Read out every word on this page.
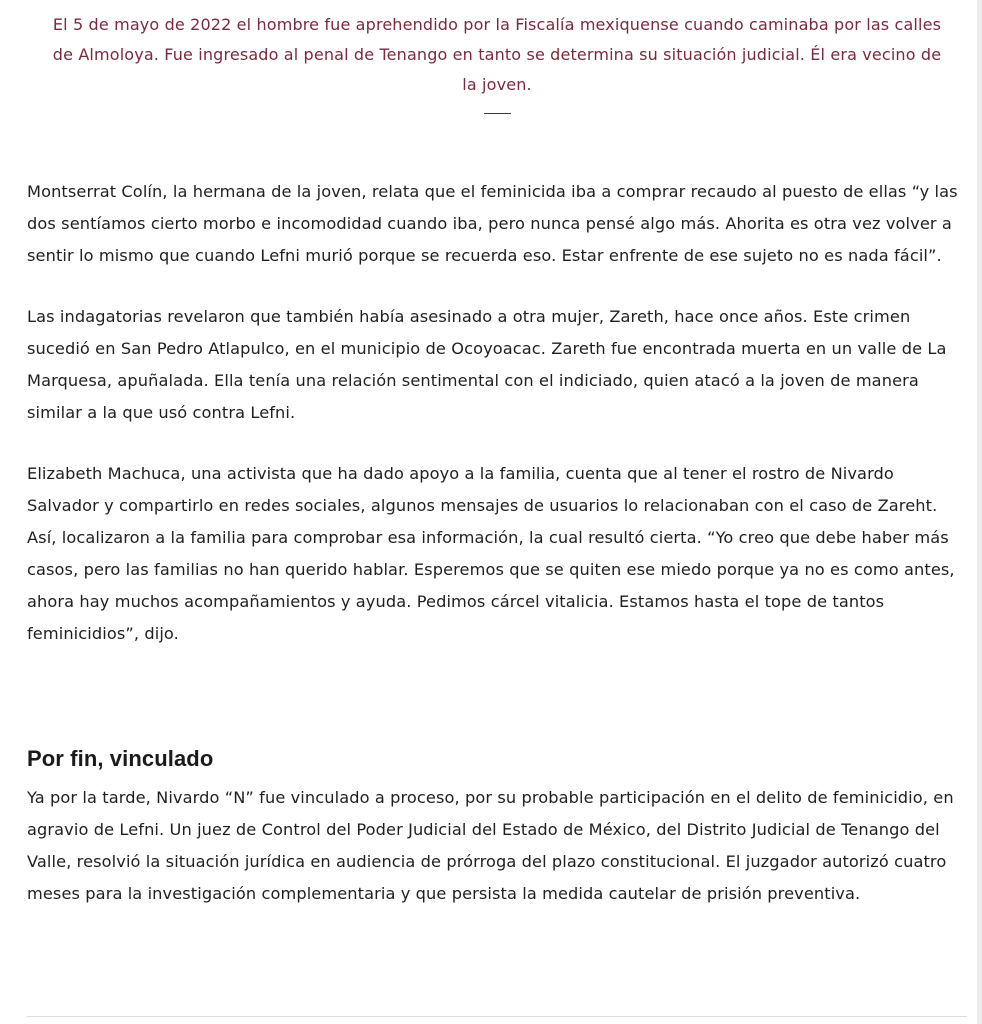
El 5 de mayo de 2022 el hombre fue aprehendido por la Fiscalía mexiquense cuando caminaba por las calles de Almoloya. Fue ingresado al penal de Tenango en tanto se determina su situación judicial. Él era vecino de la joven.

Montserrat Colín, la hermana de la joven, relata que el feminicida iba a comprar recaudo al puesto de ellas “y las dos sentíamos cierto morbo e incomodidad cuando iba, pero nunca pensé algo más. Ahorita es otra vez volver a sentir lo mismo que cuando Lefni murió porque se recuerda eso. Estar enfrente de ese sujeto no es nada fácil”.

Las indagatorias revelaron que también había asesinado a otra mujer, Zareth, hace once años. Este crimen sucedió en San Pedro Atlapulco, en el municipio de Ocoyoacac. Zareth fue encontrada muerta en un valle de La Marquesa, apuñalada. Ella tenía una relación sentimental con el indiciado, quien atacó a la joven de manera similar a la que usó contra Lefni.

Elizabeth Machuca, una activista que ha dado apoyo a la familia, cuenta que al tener el rostro de Nivardo Salvador y compartirlo en redes sociales, algunos mensajes de usuarios lo relacionaban con el caso de Zareht. Así, localizaron a la familia para comprobar esa información, la cual resultó cierta. “Yo creo que debe haber más casos, pero las familias no han querido hablar. Esperemos que se quiten ese miedo porque ya no es como antes, ahora hay muchos acompañamientos y ayuda. Pedimos cárcel vitalicia. Estamos hasta el tope de tantos feminicidios”, dijo.

Por fin, vinculado

Ya por la tarde, Nivardo “N” fue vinculado a proceso, por su probable participación en el delito de feminicidio, en agravio de Lefni. Un juez de Control del Poder Judicial del Estado de México, del Distrito Judicial de Tenango del Valle, resolvió la situación jurídica en audiencia de prórroga del plazo constitucional. El juzgador autorizó cuatro meses para la investigación complementaria y que persista la medida cautelar de prisión preventiva.
